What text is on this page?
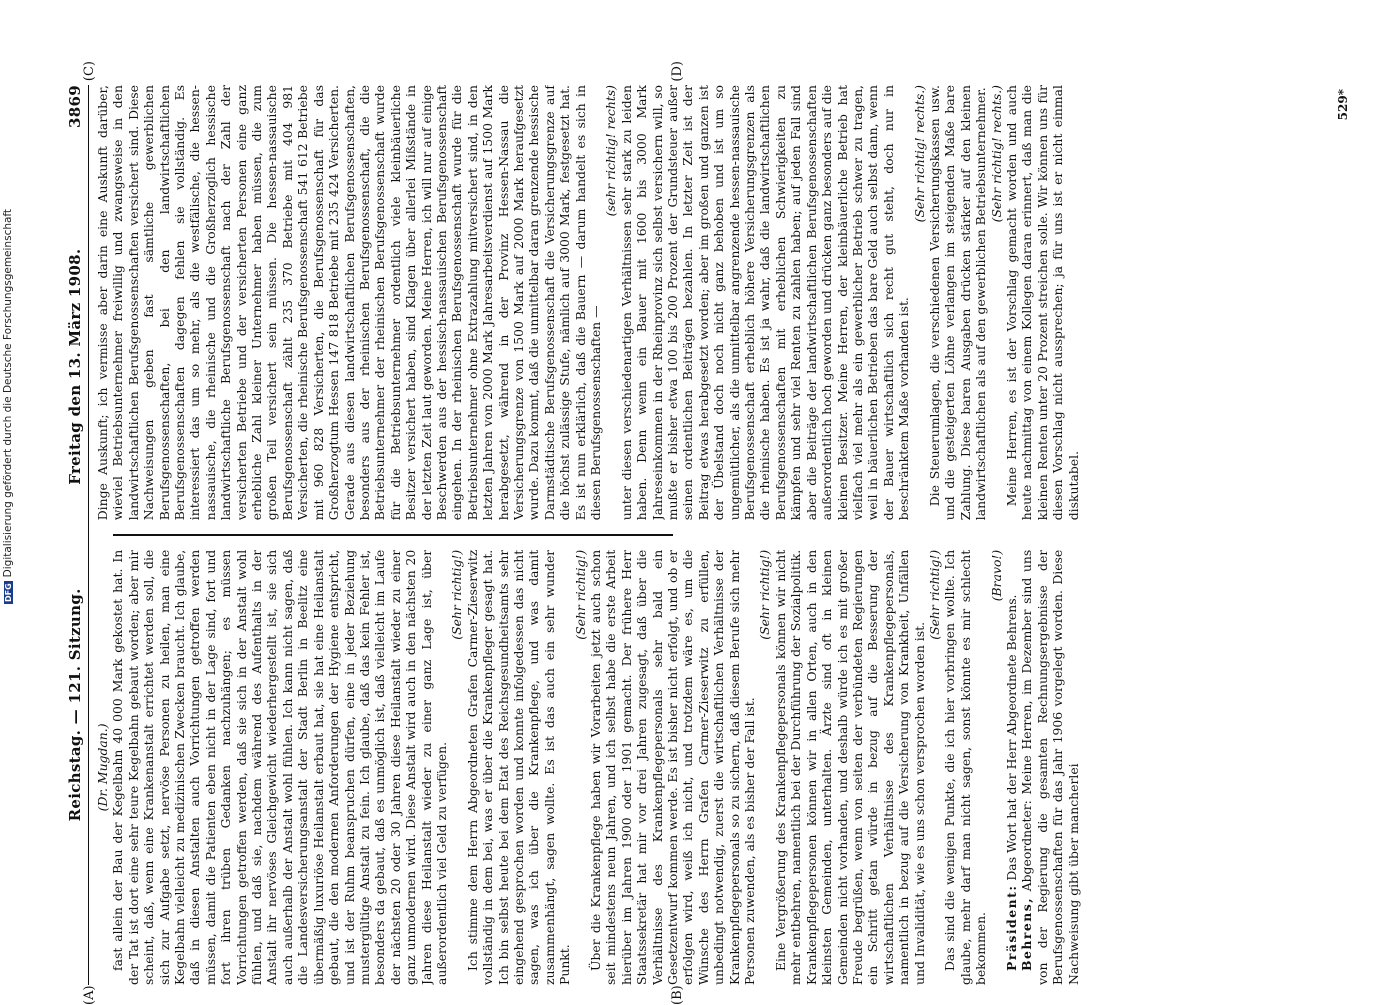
Reichstag. — 121. Sitzung.
Freitag den 13. März 1908.
3869

(Dr. Mugdan.) fast allein der Bau der Kegelbahn 40 000 Mark gekostet hat. In der Tat ist dort eine sehr teure Kegelbahn gebaut worden; aber mir scheint, daß, wenn eine Krankenanstalt errichtet werden soll, die sich zur Aufgabe setzt, nervöse Personen zu heilen, man eine Kegelbahn vielleicht zu medizinischen Zwecken braucht. Ich glaube, daß in diesen Anstalten auch Vorrichtungen getroffen werden müssen, damit die Patienten eben nicht in der Lage sind, fort und fort ihren trüben Gedanken nachzuhängen; es müssen Vorrichtungen getroffen werden, daß sie sich in der Anstalt wohl fühlen, und daß sie, nachdem während des Aufenthalts in der Anstalt ihr nervöses Gleichgewicht wiederhergestellt ist, sie sich auch außerhalb der Anstalt wohl fühlen. Ich kann nicht sagen, daß die Landesversicherungsanstalt der Stadt Berlin in Beelitz eine übermäßig luxuriöse Heilanstalt erbaut hat, sie hat eine Heilanstalt gebaut, die den modernen Anforderungen der Hygiene entspricht, und ist der Ruhm beanspruchen dürfen, eine in jeder Beziehung mustergültige Anstalt zu fein. Ich glaube, daß das kein Fehler ist, besonders da gebaut, daß es unmöglich ist, daß vielleicht im Laufe der nächsten 20 oder 30 Jahren diese Heilanstalt wieder zu einer ganz unmodernen wird. Diese Anstalt wird auch in den nächsten 20 Jahren diese Heilanstalt wieder zu einer ganz Lage ist, über außerordentlich viel Geld zu verfügen.

(Sehr richtig!) Ich stimme dem Herrn Abgeordneten Grafen Carmer-Zieserwitz vollständig in dem bei, was er über die Krankenpfleger gesagt hat. Ich bin selbst heute bei dem Etat des Reichsgesundheitsamts sehr eingehend gesprochen worden und konnte infolgedessen das nicht sagen, was ich über die Krankenpflege, und was damit zusammenhängt, sagen wollte. Es ist das auch ein sehr wunder Punkt.

(Sehr richtig!) Über die Krankenpflege haben wir Vorarbeiten jetzt auch schon seit mindestens neun Jahren, und ich selbst habe die erste Arbeit hierüber im Jahren 1900 oder 1901 gemacht. Der frühere Herr Staatssekretär hat mir vor drei Jahren zugesagt, daß über die Verhältnisse des Krankenpflegepersonals sehr bald ein Gesetzentwurf kommen werde. Es ist bisher nicht erfolgt, und ob er erfolgen wird, weiß ich nicht, und trotzdem wäre es, um die Wünsche des Herrn Grafen Carmer-Zieserwitz zu erfüllen, unbedingt notwendig, zuerst die wirtschaftlichen Verhältnisse der Krankenpflegepersonals so zu sichern, daß diesem Berufe sich mehr Personen zuwenden, als es bisher der Fall ist.

(Sehr richtig!) Eine Vergrößerung des Krankenpflegepersonals können wir nicht mehr entbehren, namentlich bei der Durchführung der Sozialpolitik. Krankenpflegepersonen können wir in allen Orten, auch in den kleinsten Gemeinden, unterhalten. Ärzte sind oft in kleinen Gemeinden nicht vorhanden, und deshalb würde ich es mit großer Freude begrüßen, wenn von seiten der verbündeten Regierungen ein Schritt getan würde in bezug auf die Besserung der wirtschaftlichen Verhältnisse des Krankenpflegepersonals, namentlich in bezug auf die Versicherung von Krankheit, Unfällen und Invalidität, wie es uns schon versprochen worden ist.

(Sehr richtig!) Das sind die wenigen Punkte, die ich hier vorbringen wollte. Ich glaube, mehr darf man nicht sagen, sonst könnte es mir schlecht bekommen.

(Bravo!)

Präsident: Das Wort hat der Herr Abgeordnete Behrens.

Behrens, Abgeordneter: Meine Herren, im Dezember sind uns von der Regierung die gesamten Rechnungsergebnisse der Berufsgenossenschaften für das Jahr 1906 vorgelegt worden. Diese Nachweisung gibt über mancherlei

Dinge Auskunft; ich vermisse aber darin eine Auskunft darüber, wieviel Betriebsunternehmer freiwillig und zwangsweise in den landwirtschaftlichen Berufsgenossenschaften versichert sind. Diese Nachweisungen geben fast sämtliche gewerblichen Berufsgenossenschaften, bei den landwirtschaftlichen Berufsgenossenschaften dagegen fehlen sie vollständig. Es interessiert das um so mehr, als die westfälische, die hessen-nassauische, die rheinische und die Großherzoglich hessische landwirtschaftliche Berufsgenossenschaft nach der Zahl der versicherten Betriebe und der versicherten Personen eine ganz erhebliche Zahl kleiner Unternehmer haben müssen, die zum großen Teil versichert sein müssen. Die hessen-nassauische Berufsgenossenschaft zählt 235 370 Betriebe mit 404 981 Versicherten, die rheinische Berufsgenossenschaft 541 612 Betriebe mit 960 828 Versicherten, die Berufsgenossenschaft für das Großherzogtum Hessen 147 818 Betriebe mit 235 424 Versicherten. Gerade aus diesen landwirtschaftlichen Berufsgenossenschaften, besonders aus der rheinischen Berufsgenossenschaft, die die Betriebsunternehmer der rheinischen Berufsgenossenschaft wurde für die Betriebsunternehmer ordentlich viele kleinbäuerliche Besitzer versichert haben, sind Klagen über allerlei Mißstände in der letzten Zeit laut geworden. Meine Herren, ich will nur auf einige Beschwerden aus der hessisch-nassauischen Berufsgenossenschaft eingehen. In der rheinischen Berufsgenossenschaft wurde für die Betriebsunternehmer ohne Extrazahlung mitversichert sind, in den letzten Jahren von 2000 Mark Jahresarbeitsverdienst auf 1500 Mark herabgesetzt, während in der Provinz Hessen-Nassau die Versicherungsgrenze von 1500 Mark auf 2000 Mark heraufgesetzt wurde. Dazu kommt, daß die unmittelbar daran grenzende hessische Darmstädtische Berufsgenossenschaft die Versicherungsgrenze auf die höchst zulässige Stufe, nämlich auf 3000 Mark, festgesetzt hat. Es ist nun erklärlich, daß die Bauern — darum handelt es sich in diesen Berufsgenossenschaften —

(sehr richtig! rechts) unter diesen verschiedenartigen Verhältnissen sehr stark zu leiden haben. Denn wenn ein Bauer mit 1600 bis 3000 Mark Jahreseinkommen in der Rheinprovinz sich selbst versichern will, so mußte er bisher etwa 100 bis 200 Prozent der Grundsteuer außer seinen ordentlichen Beiträgen bezahlen. In letzter Zeit ist der Beitrag etwas herabgesetzt worden; aber im großen und ganzen ist der Übelstand doch noch nicht ganz behoben und ist um so ungemütlicher, als die unmittelbar angrenzende hessen-nassauische Berufsgenossenschaft erheblich höhere Versicherungsgrenzen als die rheinische haben. Es ist ja wahr, daß die landwirtschaftlichen Berufsgenossenschaften mit erheblichen Schwierigkeiten zu kämpfen und sehr viel Renten zu zahlen haben; auf jeden Fall sind aber die Beiträge der landwirtschaftlichen Berufsgenossenschaften außerordentlich hoch geworden und drücken ganz besonders auf die kleinen Besitzer. Meine Herren, der kleinbäuerliche Betrieb hat vielfach viel mehr als ein gewerblicher Betrieb schwer zu tragen, weil in bäuerlichen Betrieben das bare Geld auch selbst dann, wenn der Bauer wirtschaftlich sich recht gut steht, doch nur in beschränktem Maße vorhanden ist.

(Sehr richtig! rechts.) Die Steuerumlagen, die verschiedenen Versicherungskassen usw. und die gesteigerten Löhne verlangen im steigenden Maße bare Zahlung. Diese baren Ausgaben drücken stärker auf den kleinen landwirtschaftlichen als auf den gewerblichen Betriebsunternehmer. (Sehr richtig! rechts.) Meine Herren, es ist der Vorschlag gemacht worden und auch heute nachmittag von einem Kollegen daran erinnert, daß man die kleinen Renten unter 20 Prozent streichen solle. Wir können uns für diesen Vorschlag nicht aussprechen; ja für uns ist er nicht einmal diskutabel.

(A)	(B)
(C)	(D)
529*
DFGDigitalisierung gefördert durch die Deutsche Forschungsgemeinschaft
